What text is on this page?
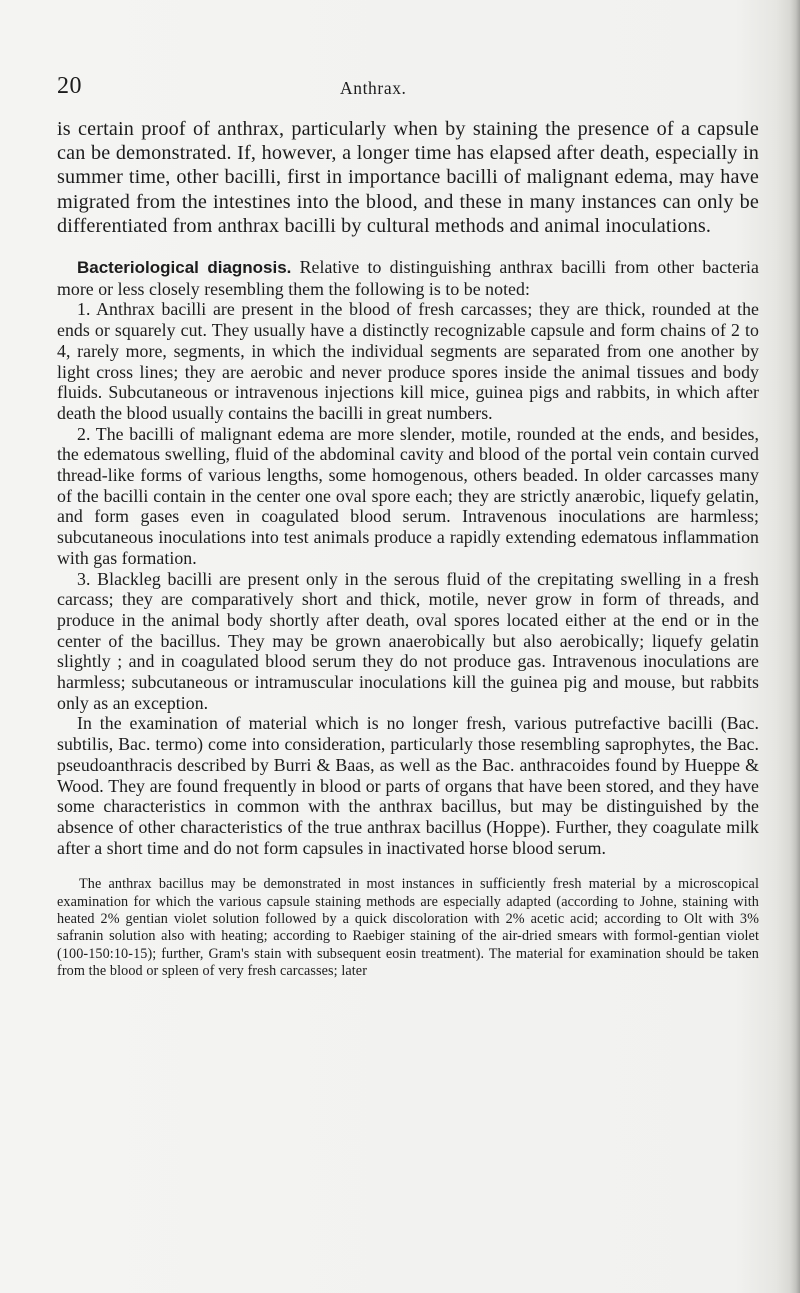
20	Anthrax.

is certain proof of anthrax, particularly when by staining the presence of a capsule can be demonstrated. If, however, a longer time has elapsed after death, especially in summer time, other bacilli, first in importance bacilli of malignant edema, may have migrated from the intestines into the blood, and these in many instances can only be differentiated from anthrax bacilli by cultural methods and animal inoculations.

Bacteriological diagnosis. Relative to distinguishing anthrax bacilli from other bacteria more or less closely resembling them the following is to be noted:

1. Anthrax bacilli are present in the blood of fresh carcasses; they are thick, rounded at the ends or squarely cut. They usually have a distinctly recognizable capsule and form chains of 2 to 4, rarely more, segments, in which the individual segments are separated from one another by light cross lines; they are aerobic and never produce spores inside the animal tissues and body fluids. Subcutaneous or intravenous injections kill mice, guinea pigs and rabbits, in which after death the blood usually contains the bacilli in great numbers.

2. The bacilli of malignant edema are more slender, motile, rounded at the ends, and besides, the edematous swelling, fluid of the abdominal cavity and blood of the portal vein contain curved thread-like forms of various lengths, some homogenous, others beaded. In older carcasses many of the bacilli contain in the center one oval spore each; they are strictly anærobic, liquefy gelatin, and form gases even in coagulated blood serum. Intravenous inoculations are harmless; subcutaneous inoculations into test animals produce a rapidly extending edematous inflammation with gas formation.

3. Blackleg bacilli are present only in the serous fluid of the crepitating swelling in a fresh carcass; they are comparatively short and thick, motile, never grow in form of threads, and produce in the animal body shortly after death, oval spores located either at the end or in the center of the bacillus. They may be grown anaerobically but also aerobically; liquefy gelatin slightly ; and in coagulated blood serum they do not produce gas. Intravenous inoculations are harmless; subcutaneous or intramuscular inoculations kill the guinea pig and mouse, but rabbits only as an exception.

In the examination of material which is no longer fresh, various putrefactive bacilli (Bac. subtilis, Bac. termo) come into consideration, particularly those resembling saprophytes, the Bac. pseudoanthracis described by Burri & Baas, as well as the Bac. anthracoides found by Hueppe & Wood. They are found frequently in blood or parts of organs that have been stored, and they have some characteristics in common with the anthrax bacillus, but may be distinguished by the absence of other characteristics of the true anthrax bacillus (Hoppe). Further, they coagulate milk after a short time and do not form capsules in inactivated horse blood serum.

The anthrax bacillus may be demonstrated in most instances in sufficiently fresh material by a microscopical examination for which the various capsule staining methods are especially adapted (according to Johne, staining with heated 2% gentian violet solution followed by a quick discoloration with 2% acetic acid; according to Olt with 3% safranin solution also with heating; according to Raebiger staining of the air-dried smears with formol-gentian violet (100-150:10-15); further, Gram's stain with subsequent eosin treatment). The material for examination should be taken from the blood or spleen of very fresh carcasses; later
